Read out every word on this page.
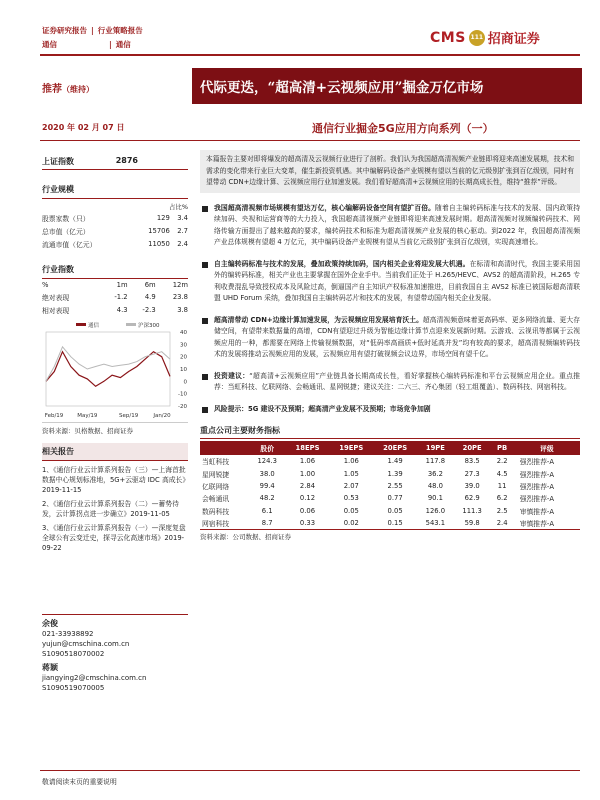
证券研究报告 | 行业策略报告
通信	| 通信	CMS 111 招商证券
推荐（维持）	代际更迭，“超高清+云视频应用”掘金万亿市场
2020 年 02 月 07 日	通信行业掘金5G应用方向系列（一）
上证指数	2876
行业规模
占比%
股票家数（只）	129	3.4
总市值（亿元）	15706	2.7
流通市值（亿元）	11050	2.4
行业指数
%	1m	6m	12m
绝对表现	-1.2	4.9	23.8
相对表现	4.3	-2.3	3.8
-20
-10
0
10
20
30
40
Feb/19	May/19	Sep/19	Jan/20
通信	沪深300
资料来源：贝格数据、招商证券
相关报告
1、《通信行业云计算系列报告（三）—上海首批数据中心规划标准地，5G+云驱动 IDC 高成长》2019-11-15
2、《通信行业云计算系列报告（二）—蓄势待发，云计算拐点进一步确立》2019-11-05
3、《通信行业云计算系列报告（一）—深度复盘全球公有云变迁史，探寻云化高速市场》2019-09-22
余俊
021-33938892
yujun@cmschina.com.cn
S1090518070002
蒋颖
jiangying2@cmschina.com.cn
S1090519070005
本篇报告主要对即将爆发的超高清及云视频行业进行了剖析。我们认为我国超高清视频产业链即将迎来高速发展期，技术和需求的变化带来行业巨大变革，催生新投资机遇。其中编解码设备产业规模有望以当前的亿元级别扩张到百亿级别，同时有望带动 CDN+边缘计算、云视频应用行业加速发展。我们看好超高清+云视频应用的长期高成长性，维持“推荐”评级。
我国超高清视频市场规模有望达万亿，核心编解码设备空间有望扩百倍。随着自主编转码标准与技术的发展、国内政策持续加码、央视和运营商等的大力投入，我国超高清视频产业链即将迎来高速发展时期。超高清视频对视频编转码技术、网络传输方面提出了越来越高的要求，编转码技术和标准为超高清视频产业发展的核心驱动。到2022 年，我国超高清视频产业总体规模有望超 4 万亿元，其中编码设备产业规模有望从当前亿元级别扩张到百亿级别，实现高速增长。
自主编转码标准与技术的发展，叠加政策持续加码，国内相关企业将迎发展大机遇。在标清和高清时代，我国主要采用国外的编转码标准，相关产业也主要掌握在国外企业手中。当前我们正处于 H.265/HEVC、AVS2 的超高清阶段，H.265 专利收费混乱导致授权成本及风险过高，倒逼国产自主知识产权标准加速推进，目前我国自主 AVS2 标准已被国际超高清联盟 UHD Forum 采纳，叠加我国自主编转码芯片和技术的发展，有望带动国内相关企业发展。
超高清带动 CDN+边缘计算加速发展，为云视频应用发展培育沃土。超高清视频意味着更高码率、更多网络流量、更大存储空间，有望带来数据量的高增，CDN有望迎过升级为智能边缘计算节点迎来发展新时期。云游戏、云视讯等都属于云视频应用的一种，都需要在网络上传输视频数据，对“低码率高画质+低时延高并发”均有较高的要求，超高清视频编转码技术的发展将推动云视频应用的发展，云视频应用有望打破视频会议边界，市场空间有望千亿。
投资建议：“超高清+云视频应用”产业链具备长期高成长性，看好掌握核心编转码标准和平台云视频应用企业。重点推荐：当虹科技、亿联网络、会畅通讯、星网锐捷；建议关注：二六三、齐心集团（轻工组覆盖）、数码科技、网宿科技。
风险提示：5G 建设不及预期；超高清产业发展不及预期；市场竞争加剧
重点公司主要财务指标
	股价	18EPS	19EPS	20EPS	19PE	20PE	PB	评级
当虹科技	124.3	1.06	1.06	1.49	117.8	83.5	2.2	强烈推荐-A
星网锐捷	38.0	1.00	1.05	1.39	36.2	27.3	4.5	强烈推荐-A
亿联网络	99.4	2.84	2.07	2.55	48.0	39.0	11	强烈推荐-A
会畅通讯	48.2	0.12	0.53	0.77	90.1	62.9	6.2	强烈推荐-A
数码科技	6.1	0.06	0.05	0.05	126.0	111.3	2.5	审慎推荐-A
网宿科技	8.7	0.33	0.02	0.15	543.1	59.8	2.4	审慎推荐-A
资料来源：公司数据、招商证券
敬请阅读末页的重要说明
